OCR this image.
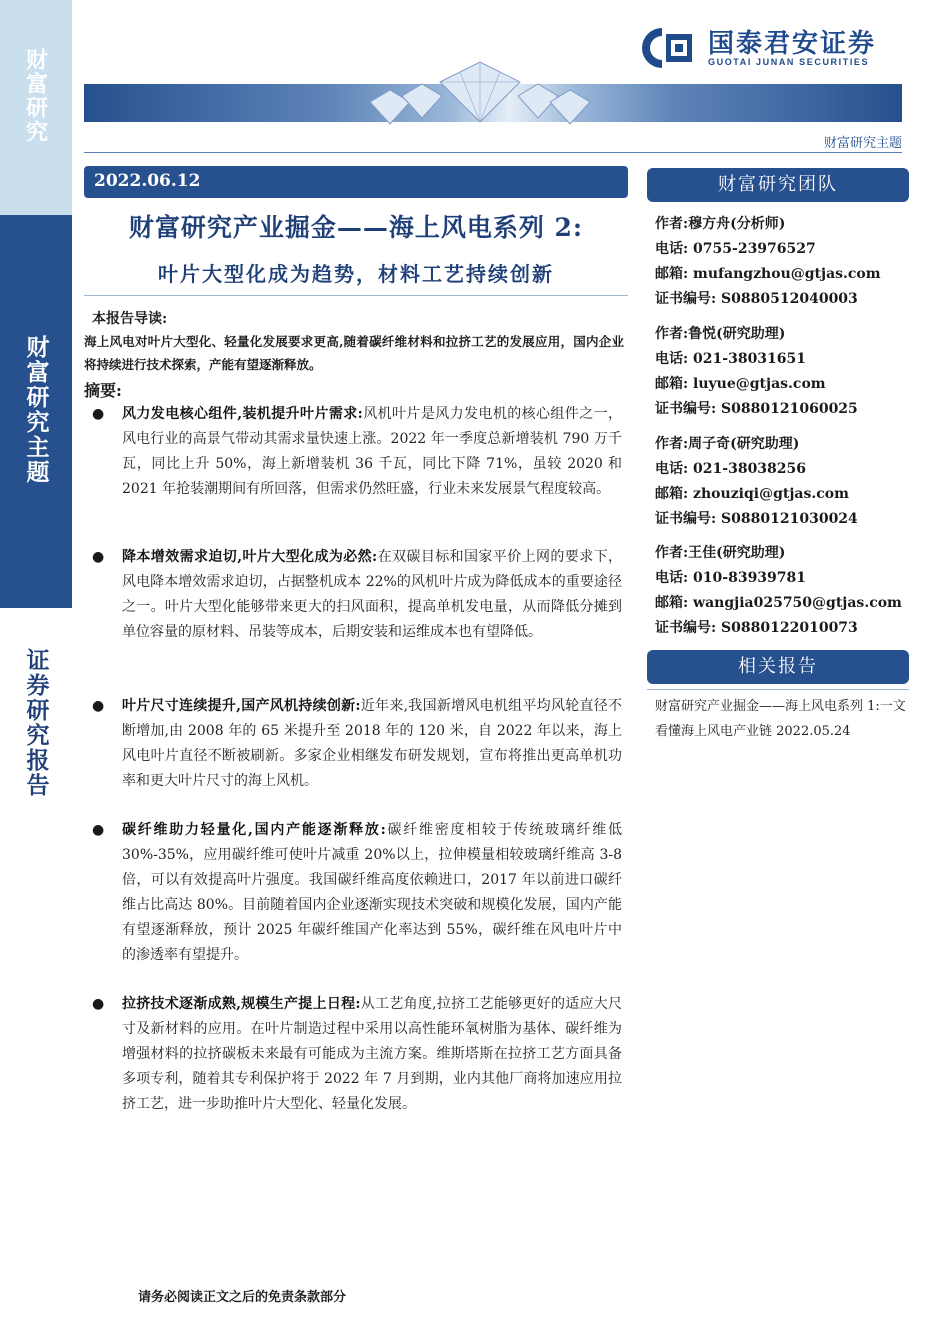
财富研究
财富研究主题
证券研究报告
国泰君安证券
GUOTAI JUNAN SECURITIES
财富研究主题
2022.06.12
财富研究产业掘金——海上风电系列 2:
叶片大型化成为趋势，材料工艺持续创新
本报告导读:
海上风电对叶片大型化、轻量化发展要求更高,随着碳纤维材料和拉挤工艺的发展应用，国内企业将持续进行技术探索，产能有望逐渐释放。
摘要:
● 风力发电核心组件,装机提升叶片需求:风机叶片是风力发电机的核心组件之一，风电行业的高景气带动其需求量快速上涨。2022 年一季度总新增装机 790 万千瓦，同比上升 50%，海上新增装机 36 千瓦，同比下降 71%，虽较 2020 和 2021 年抢装潮期间有所回落，但需求仍然旺盛，行业未来发展景气程度较高。
● 降本增效需求迫切,叶片大型化成为必然:在双碳目标和国家平价上网的要求下，风电降本增效需求迫切，占据整机成本 22%的风机叶片成为降低成本的重要途径之一。叶片大型化能够带来更大的扫风面积，提高单机发电量，从而降低分摊到单位容量的原材料、吊装等成本，后期安装和运维成本也有望降低。
● 叶片尺寸连续提升,国产风机持续创新:近年来,我国新增风电机组平均风轮直径不断增加,由 2008 年的 65 米提升至 2018 年的 120 米，自 2022 年以来，海上风电叶片直径不断被刷新。多家企业相继发布研发规划，宣布将推出更高单机功率和更大叶片尺寸的海上风机。
● 碳纤维助力轻量化,国内产能逐渐释放:碳纤维密度相较于传统玻璃纤维低 30%-35%，应用碳纤维可使叶片减重 20%以上，拉伸模量相较玻璃纤维高 3-8 倍，可以有效提高叶片强度。我国碳纤维高度依赖进口，2017 年以前进口碳纤维占比高达 80%。目前随着国内企业逐渐实现技术突破和规模化发展，国内产能有望逐渐释放，预计 2025 年碳纤维国产化率达到 55%，碳纤维在风电叶片中的渗透率有望提升。
● 拉挤技术逐渐成熟,规模生产提上日程:从工艺角度,拉挤工艺能够更好的适应大尺寸及新材料的应用。在叶片制造过程中采用以高性能环氧树脂为基体、碳纤维为增强材料的拉挤碳板未来最有可能成为主流方案。维斯塔斯在拉挤工艺方面具备多项专利，随着其专利保护将于 2022 年 7 月到期，业内其他厂商将加速应用拉挤工艺，进一步助推叶片大型化、轻量化发展。
财富研究团队
作者:穆方舟(分析师)
电话: 0755-23976527
邮箱: mufangzhou@gtjas.com
证书编号: S0880512040003
作者:鲁悦(研究助理)
电话: 021-38031651
邮箱: luyue@gtjas.com
证书编号: S0880121060025
作者:周子奇(研究助理)
电话: 021-38038256
邮箱: zhouziqi@gtjas.com
证书编号: S0880121030024
作者:王佳(研究助理)
电话: 010-83939781
邮箱: wangjia025750@gtjas.com
证书编号: S0880122010073
相关报告
财富研究产业掘金——海上风电系列 1:一文看懂海上风电产业链 2022.05.24
请务必阅读正文之后的免责条款部分
